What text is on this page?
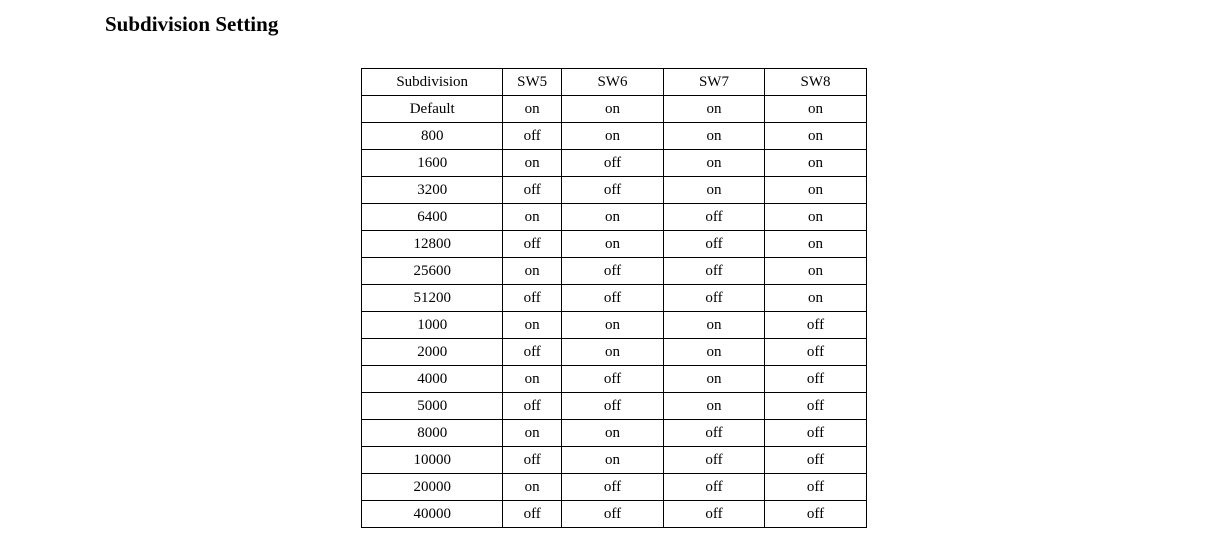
Subdivision Setting
Subdivision	SW5	SW6	SW7	SW8
Default	on	on	on	on
800	off	on	on	on
1600	on	off	on	on
3200	off	off	on	on
6400	on	on	off	on
12800	off	on	off	on
25600	on	off	off	on
51200	off	off	off	on
1000	on	on	on	off
2000	off	on	on	off
4000	on	off	on	off
5000	off	off	on	off
8000	on	on	off	off
10000	off	on	off	off
20000	on	off	off	off
40000	off	off	off	off
